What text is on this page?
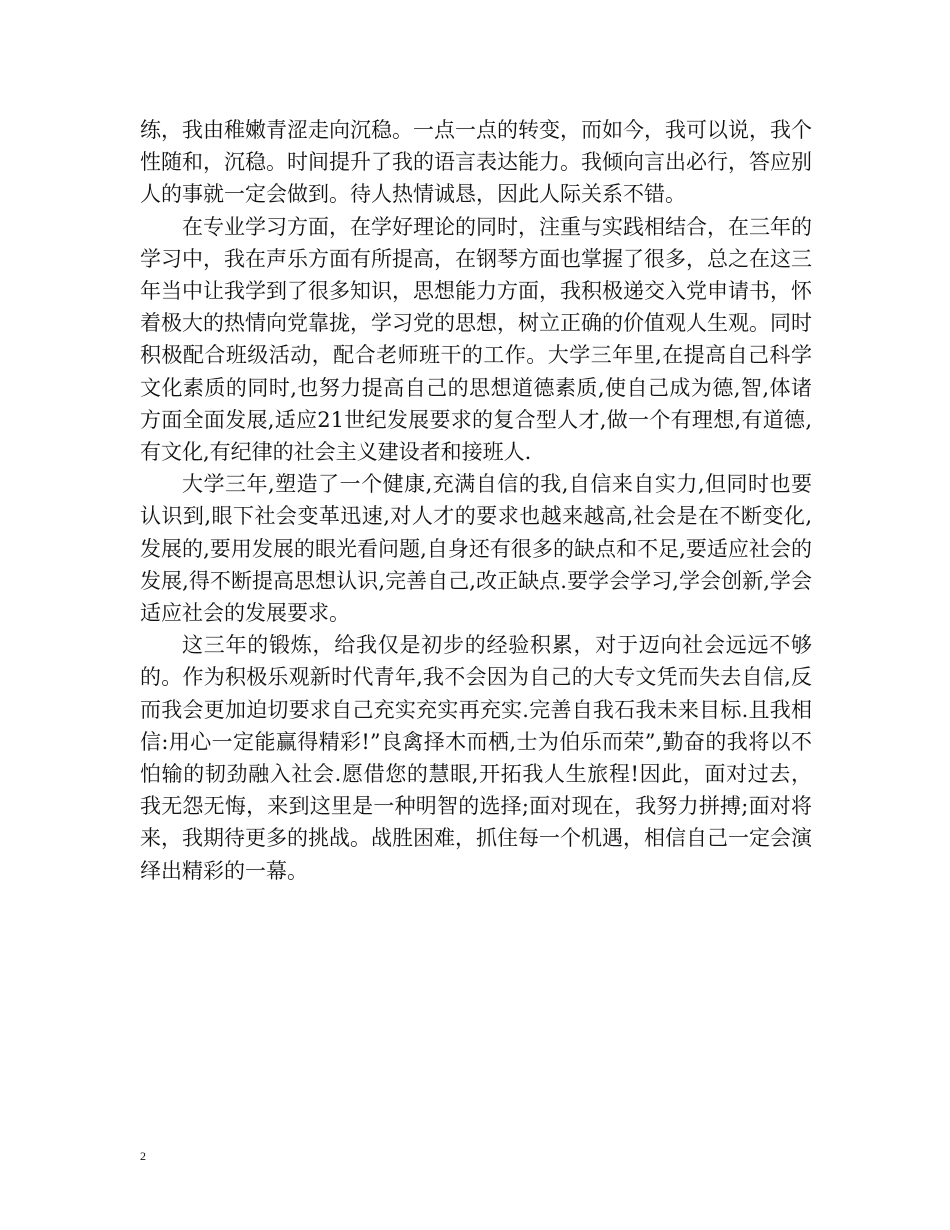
练，我由稚嫩青涩走向沉稳。一点一点的转变，而如今，我可以说，我个性随和，沉稳。时间提升了我的语言表达能力。我倾向言出必行，答应别人的事就一定会做到。待人热情诚恳，因此人际关系不错。

在专业学习方面，在学好理论的同时，注重与实践相结合，在三年的学习中，我在声乐方面有所提高，在钢琴方面也掌握了很多，总之在这三年当中让我学到了很多知识，思想能力方面，我积极递交入党申请书，怀着极大的热情向党靠拢，学习党的思想，树立正确的价值观人生观。同时积极配合班级活动，配合老师班干的工作。大学三年里,在提高自己科学文化素质的同时,也努力提高自己的思想道德素质,使自己成为德,智,体诸方面全面发展,适应21世纪发展要求的复合型人才,做一个有理想,有道德,有文化,有纪律的社会主义建设者和接班人.

大学三年,塑造了一个健康,充满自信的我,自信来自实力,但同时也要认识到,眼下社会变革迅速,对人才的要求也越来越高,社会是在不断变化,发展的,要用发展的眼光看问题,自身还有很多的缺点和不足,要适应社会的发展,得不断提高思想认识,完善自己,改正缺点.要学会学习,学会创新,学会适应社会的发展要求。

这三年的锻炼，给我仅是初步的经验积累，对于迈向社会远远不够的。作为积极乐观新时代青年,我不会因为自己的大专文凭而失去自信,反而我会更加迫切要求自己充实充实再充实.完善自我石我未来目标.且我相信:用心一定能赢得精彩!”良禽择木而栖,士为伯乐而荣”,勤奋的我将以不怕输的韧劲融入社会.愿借您的慧眼,开拓我人生旅程!因此，面对过去，我无怨无悔，来到这里是一种明智的选择;面对现在，我努力拼搏;面对将来，我期待更多的挑战。战胜困难，抓住每一个机遇，相信自己一定会演绎出精彩的一幕。

2
